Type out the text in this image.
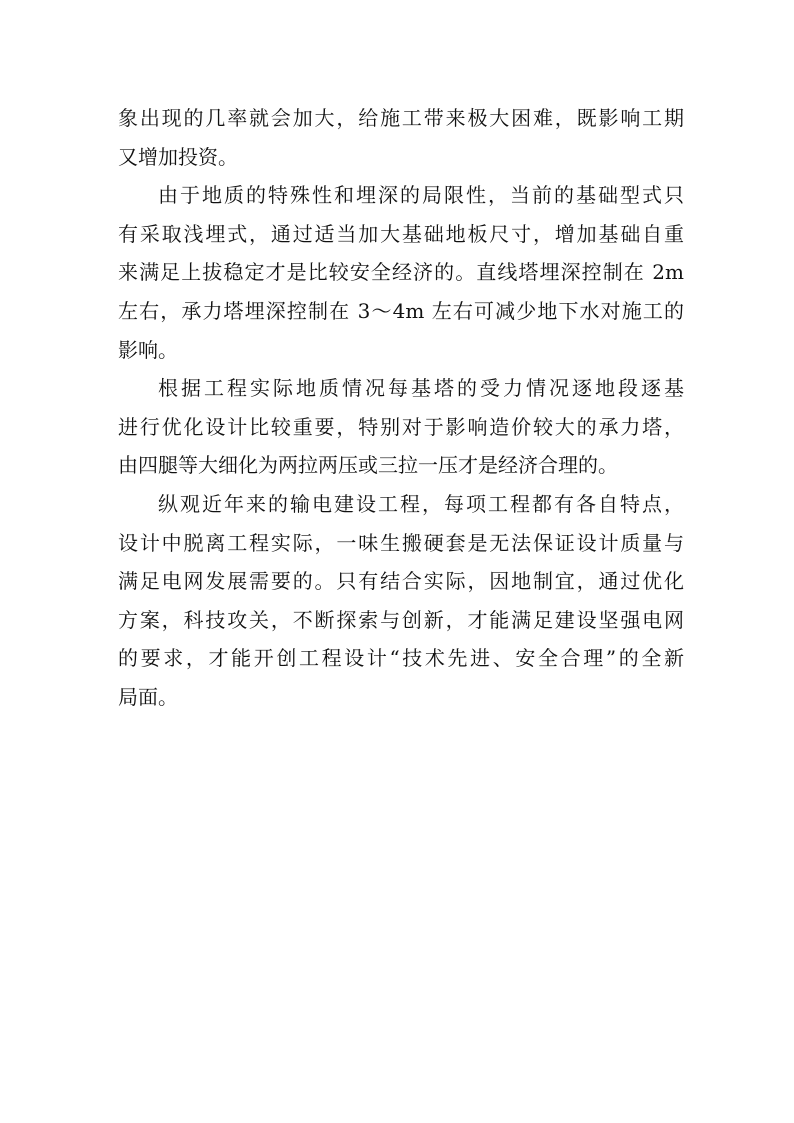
象出现的几率就会加大，给施工带来极大困难，既影响工期
又增加投资。
由于地质的特殊性和埋深的局限性，当前的基础型式只
有采取浅埋式，通过适当加大基础地板尺寸，增加基础自重
来满足上拔稳定才是比较安全经济的。直线塔埋深控制在 2m
左右，承力塔埋深控制在 3～4m 左右可减少地下水对施工的
影响。
根据工程实际地质情况每基塔的受力情况逐地段逐基
进行优化设计比较重要，特别对于影响造价较大的承力塔，
由四腿等大细化为两拉两压或三拉一压才是经济合理的。
纵观近年来的输电建设工程，每项工程都有各自特点，
设计中脱离工程实际，一味生搬硬套是无法保证设计质量与
满足电网发展需要的。只有结合实际，因地制宜，通过优化
方案，科技攻关，不断探索与创新，才能满足建设坚强电网
的要求，才能开创工程设计“技术先进、安全合理”的全新
局面。
